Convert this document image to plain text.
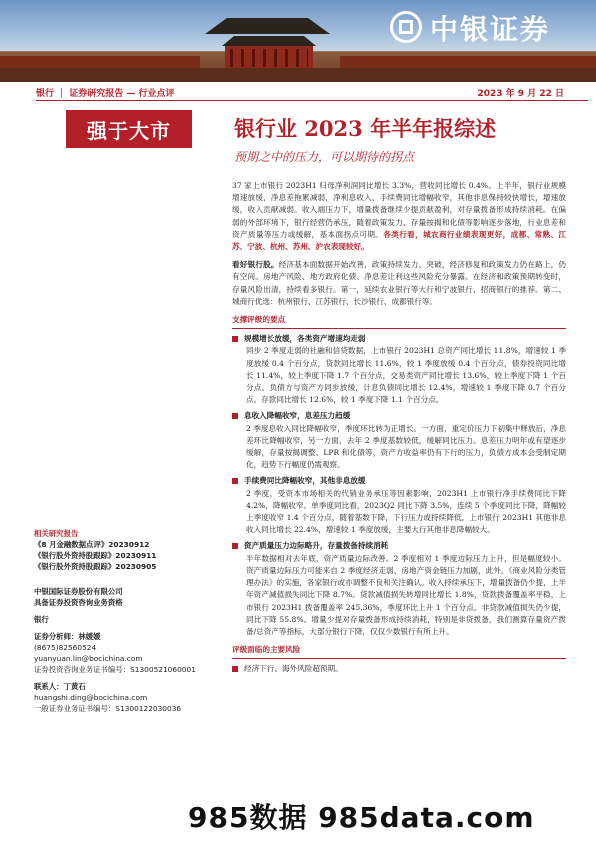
中银证券
银行 ｜ 证券研究报告 — 行业点评	2023 年 9 月 22 日
强于大市	银行业 2023 年半年报综述
预期之中的压力，可以期待的拐点

37 家上市银行 2023H1 归母净利润同比增长 3.3%，营收同比增长 0.4%。上半年，银行业规模增速放缓，净息差拖累减弱，净利息收入、手续费同比增幅收窄，其他非息保持较快增长，增速放缓，收入贡献减弱。收入端压力下，增量拨备继续少提贡献盈利，对存量拨备形成持续消耗。在偏弱的外部环境下，银行经营仍承压，随着政策发力、存量按揭和化债等影响逐步落地，行业息差和资产质量等压力或缓解，基本面拐点可期。各类行看，城农商行业绩表现更好，成都、常熟、江苏、宁波、杭州、苏州、沪农表现较好。

看好银行股。经济基本面数据开始改善，政策持续发力、突破，经济修复和政策发力仍在路上，仍有空间。房地产风险、地方政府化债、净息差让利这些风险充分暴露。在经济和政策预期转变时，存量风险出清，持续看多银行。第一，延续农业银行等大行和宁波银行、招商银行的推荐。第二、城商行优选：杭州银行、江苏银行、长沙银行、成都银行等。

支撑评级的要点
规模增长放缓，各类资产增速均走弱

同步 2 季度走弱的社融和信贷数据，上市银行 2023H1 总资产同比增长 11.8%，增速较 1 季度放缓 0.4 个百分点，贷款同比增长 11.6%，较 1 季度放缓 0.4 个百分点，债券投资同比增长 11.4%，较上季度下降 1.7 个百分点，交易类资产同比增长 13.6%，较上季度下降 1 个百分点。负债方与资产方同步放缓，计息负债同比增长 12.4%，增速较 1 季度下降 0.7 个百分点。存款同比增长 12.6%，较 1 季度下降 1.1 个百分点。

息收入降幅收窄，息差压力趋缓

2 季度息收入同比降幅收窄，季度环比转为正增长。一方面，重定价压力下初集中释放后，净息差环比降幅收窄，另一方面，去年 2 季度基数较低，缓解同比压力。息差压力明年或有望逐步缓解，存量按揭调整、LPR 和化债等，资产方收益率仍有下行的压力，负债方成本会受制定期化，趋势下行幅度仍需观察。

手续费同比降幅收窄，其他非息放缓

2 季度，受资本市场相关的代销业务承压等因素影响，2023H1 上市银行净手续费同比下降 4.2%，降幅收窄。单季度同比看，2023Q2 同比下降 3.5%，连续 5 个季度同比下降，降幅较上季度收窄 1.4 个百分点，随着基数下降，下行压力或持续降低。上市银行 2023H1 其他非息收入同比增长 22.4%，增速较 1 季度放缓，主要大行其他非息降幅较大。

资产质量压力边际略升，存量拨备持续消耗

半年数据相对去年底，资产质量边际改善。2 季度相对 1 季度边际压力上升，但是幅度较小。资产质量边际压力可能来自 2 季度经济走弱、房地产资金链压力加剧，此外，《商业风险分类管理办法》的实施，各家银行或亦调整不良和关注确认。收入持续承压下，增量拨备仍少提，上半年资产减值损失同比下降 8.7%。贷款减值损失转增同比增长 1.8%，贷款拨备覆盖率平稳，上市银行 2023H1 拨备覆盖率 245.36%，季度环比上升 1 个百分点。非贷款减值损失仍少提，同比下降 55.8%。增量少提对存量拨备形成持续消耗，特别是非贷拨备，我们测算存量资产拨备/总资产等指标，大部分银行下降，仅仅少数银行有所上升。

评级面临的主要风险
经济下行、海外风险超预期。
相关研究报告
《8 月金融数据点评》20230912
《银行股外资持股跟踪》20230911
《银行股外资持股跟踪》20230905
中银国际证券股份有限公司
具备证券投资咨询业务资格
银行
证券分析师：林媛媛
(8675)82560524
yuanyuan.lin@bocichina.com
证券投资咨询业务证书编号：S1300521060001
联系人：丁黄石
huangshi.ding@bocichina.com
一般证券业务证书编号：S1300122030036
985数据 985data.com
